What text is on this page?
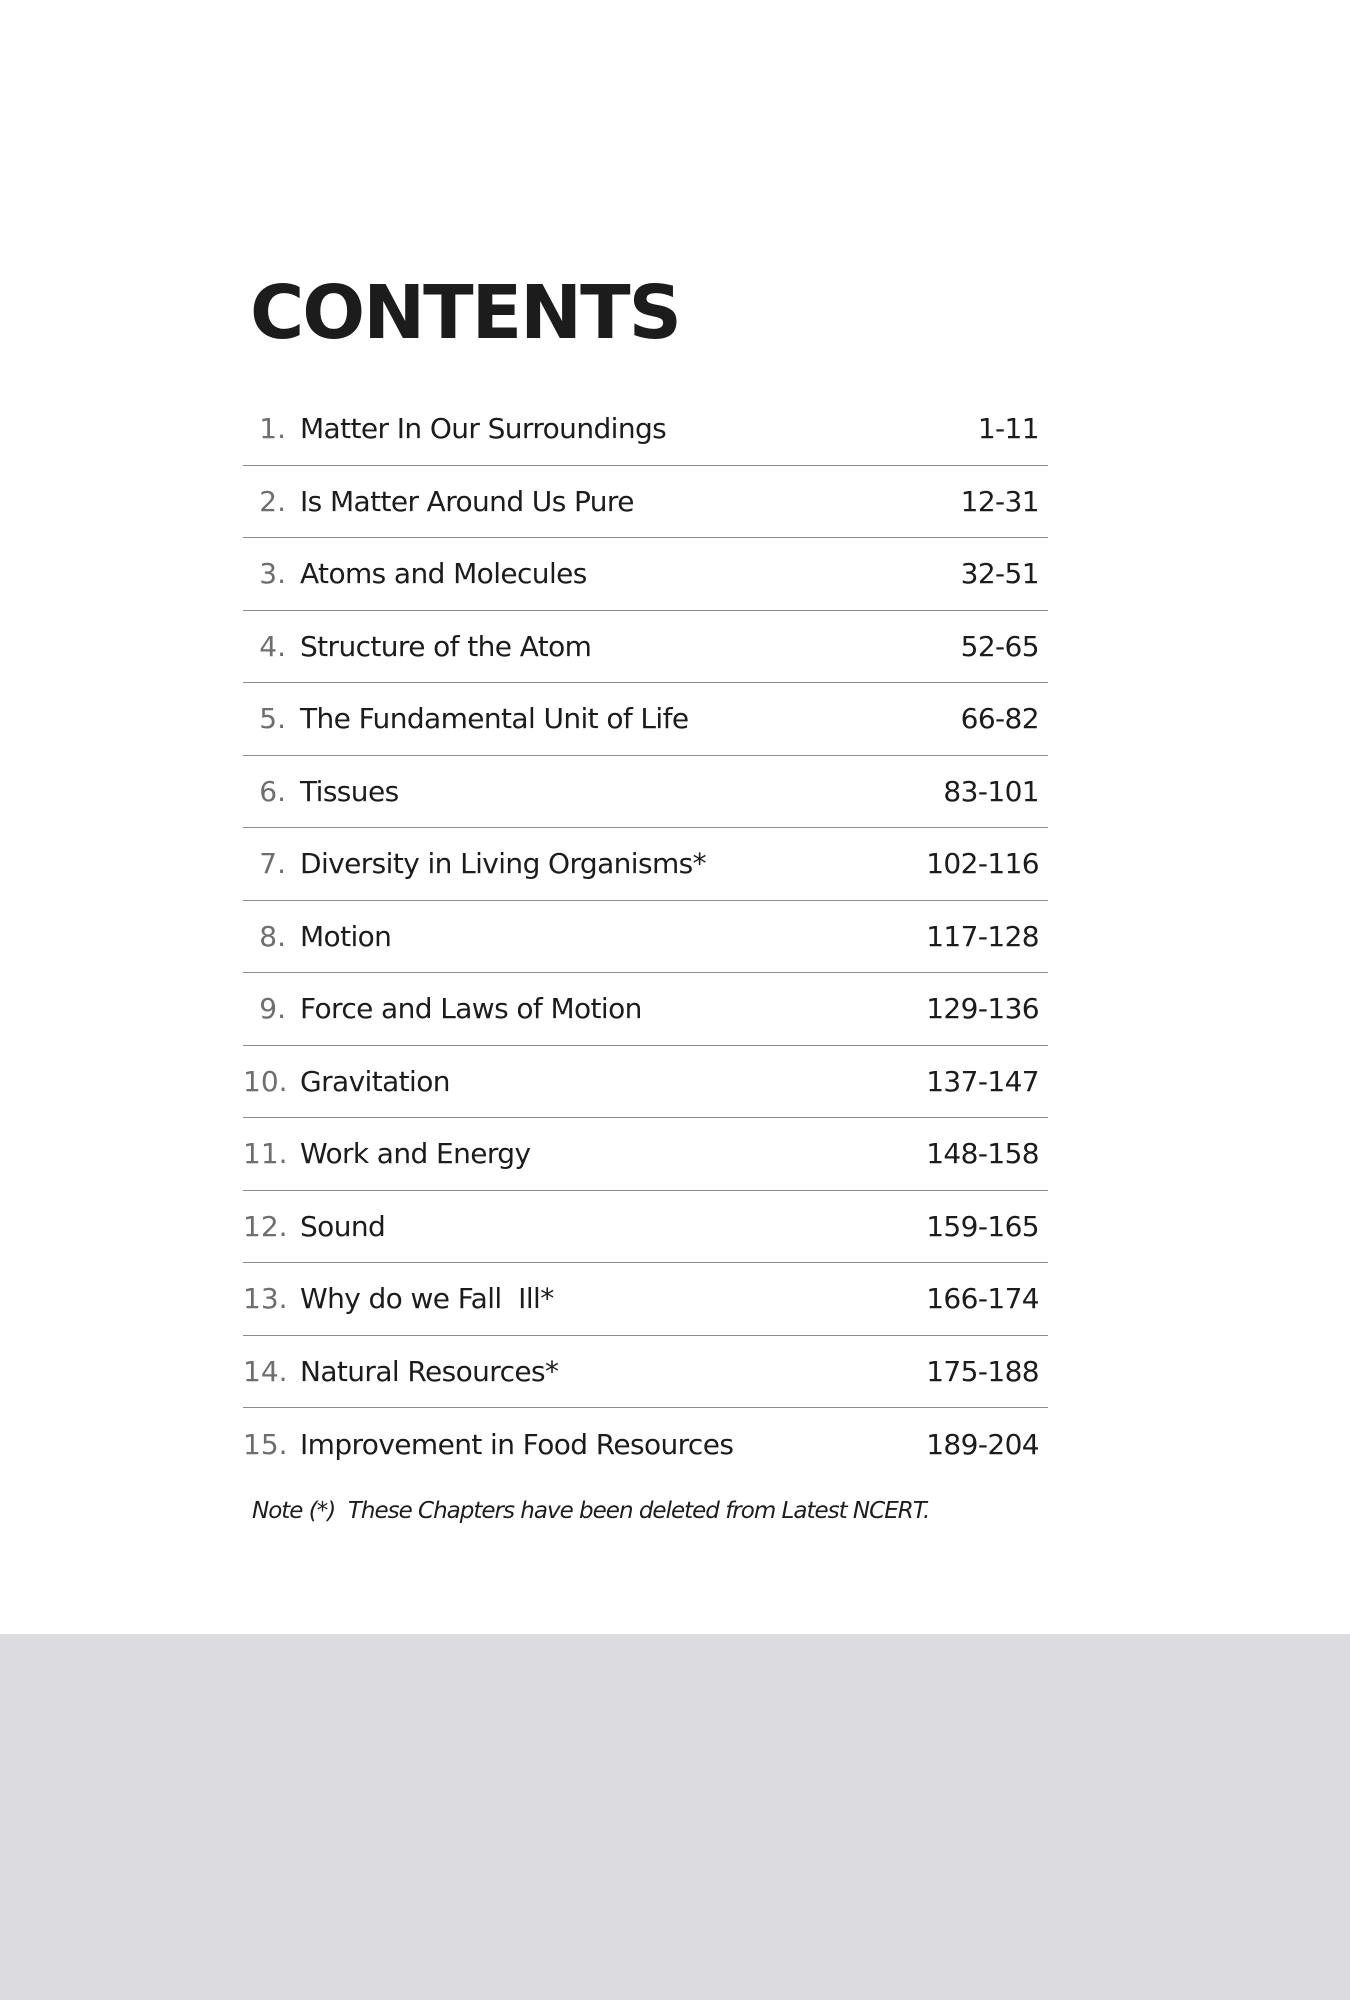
CONTENTS
1. Matter In Our Surroundings	1-11
2. Is Matter Around Us Pure	12-31
3. Atoms and Molecules	32-51
4. Structure of the Atom	52-65
5. The Fundamental Unit of Life	66-82
6. Tissues	83-101
7. Diversity in Living Organisms*	102-116
8. Motion	117-128
9. Force and Laws of Motion	129-136
10. Gravitation	137-147
11. Work and Energy	148-158
12. Sound	159-165
13. Why do we Fall  Ill*	166-174
14. Natural Resources*	175-188
15. Improvement in Food Resources	189-204

Note (*)  These Chapters have been deleted from Latest NCERT.
